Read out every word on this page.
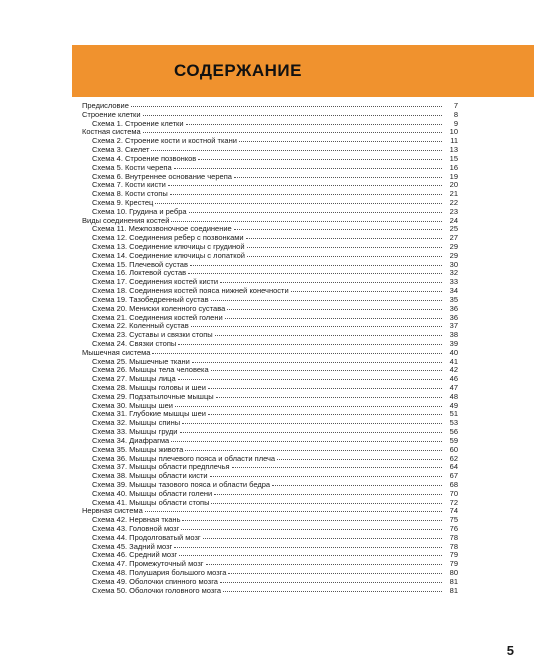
СОДЕРЖАНИЕ
Предисловие	7
Строение клетки	8
Схема 1. Строение клетки	9
Костная система	10
Схема 2. Строение кости и костной ткани	11
Схема 3. Скелет	13
Схема 4. Строение позвонков	15
Схема 5. Кости черепа	16
Схема 6. Внутреннее основание черепа	19
Схема 7. Кости кисти	20
Схема 8. Кости стопы	21
Схема 9. Крестец	22
Схема 10. Грудина и ребра	23
Виды соединения костей	24
Схема 11. Межпозвоночное соединение	25
Схема 12. Соединения ребер с позвонками	27
Схема 13. Соединение ключицы с грудиной	29
Схема 14. Соединение ключицы с лопаткой	29
Схема 15. Плечевой сустав	30
Схема 16. Локтевой сустав	32
Схема 17. Соединения костей кисти	33
Схема 18. Соединения костей пояса нижней конечности	34
Схема 19. Тазобедренный сустав	35
Схема 20. Мениски коленного сустава	36
Схема 21. Соединения костей голени	36
Схема 22. Коленный сустав	37
Схема 23. Суставы и связки стопы	38
Схема 24. Связки стопы	39
Мышечная система	40
Схема 25. Мышечные ткани	41
Схема 26. Мышцы тела человека	42
Схема 27. Мышцы лица	46
Схема 28. Мышцы головы и шеи	47
Схема 29. Подзатылочные мышцы	48
Схема 30. Мышцы шеи	49
Схема 31. Глубокие мышцы шеи	51
Схема 32. Мышцы спины	53
Схема 33. Мышцы груди	56
Схема 34. Диафрагма	59
Схема 35. Мышцы живота	60
Схема 36. Мышцы плечевого пояса и области плеча	62
Схема 37. Мышцы области предплечья	64
Схема 38. Мышцы области кисти	67
Схема 39. Мышцы тазового пояса и области бедра	68
Схема 40. Мышцы области голени	70
Схема 41. Мышцы области стопы	72
Нервная система	74
Схема 42. Нервная ткань	75
Схема 43. Головной мозг	76
Схема 44. Продолговатый мозг	78
Схема 45. Задний мозг	78
Схема 46. Средний мозг	79
Схема 47. Промежуточный мозг	79
Схема 48. Полушария большого мозга	80
Схема 49. Оболочки спинного мозга	81
Схема 50. Оболочки головного мозга	81
5
